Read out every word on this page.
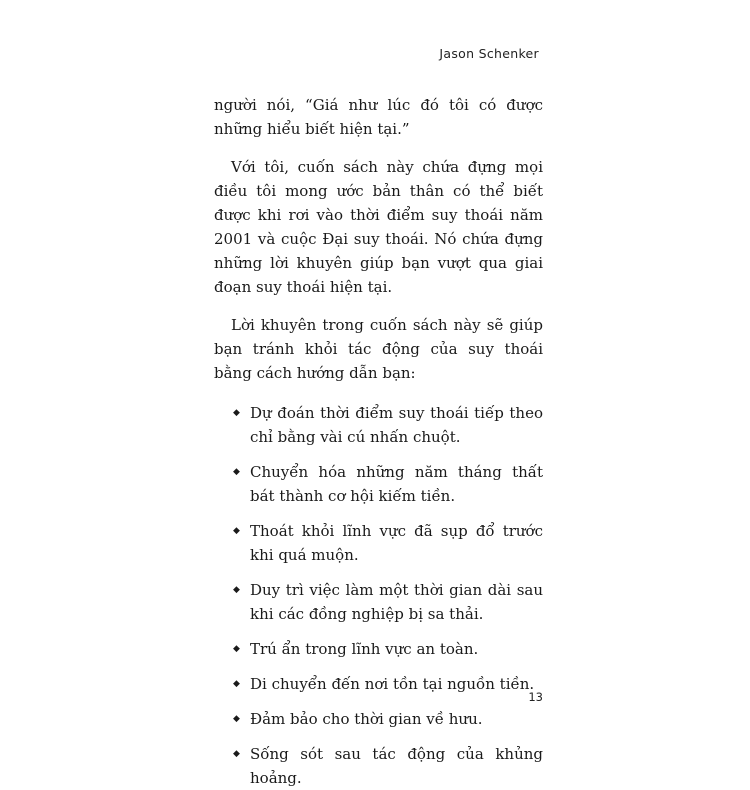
Jason Schenker

người nói, “Giá như lúc đó tôi có được những hiểu biết hiện tại.”

Với tôi, cuốn sách này chứa đựng mọi điều tôi mong ước bản thân có thể biết được khi rơi vào thời điểm suy thoái năm 2001 và cuộc Đại suy thoái. Nó chứa đựng những lời khuyên giúp bạn vượt qua giai đoạn suy thoái hiện tại.

Lời khuyên trong cuốn sách này sẽ giúp bạn tránh khỏi tác động của suy thoái bằng cách hướng dẫn bạn:

◆ Dự đoán thời điểm suy thoái tiếp theo chỉ bằng vài cú nhấn chuột.
◆ Chuyển hóa những năm tháng thất bát thành cơ hội kiếm tiền.
◆ Thoát khỏi lĩnh vực đã sụp đổ trước khi quá muộn.
◆ Duy trì việc làm một thời gian dài sau khi các đồng nghiệp bị sa thải.
◆ Trú ẩn trong lĩnh vực an toàn.
◆ Di chuyển đến nơi tồn tại nguồn tiền.
◆ Đảm bảo cho thời gian về hưu.
◆ Sống sót sau tác động của khủng hoảng.
13
